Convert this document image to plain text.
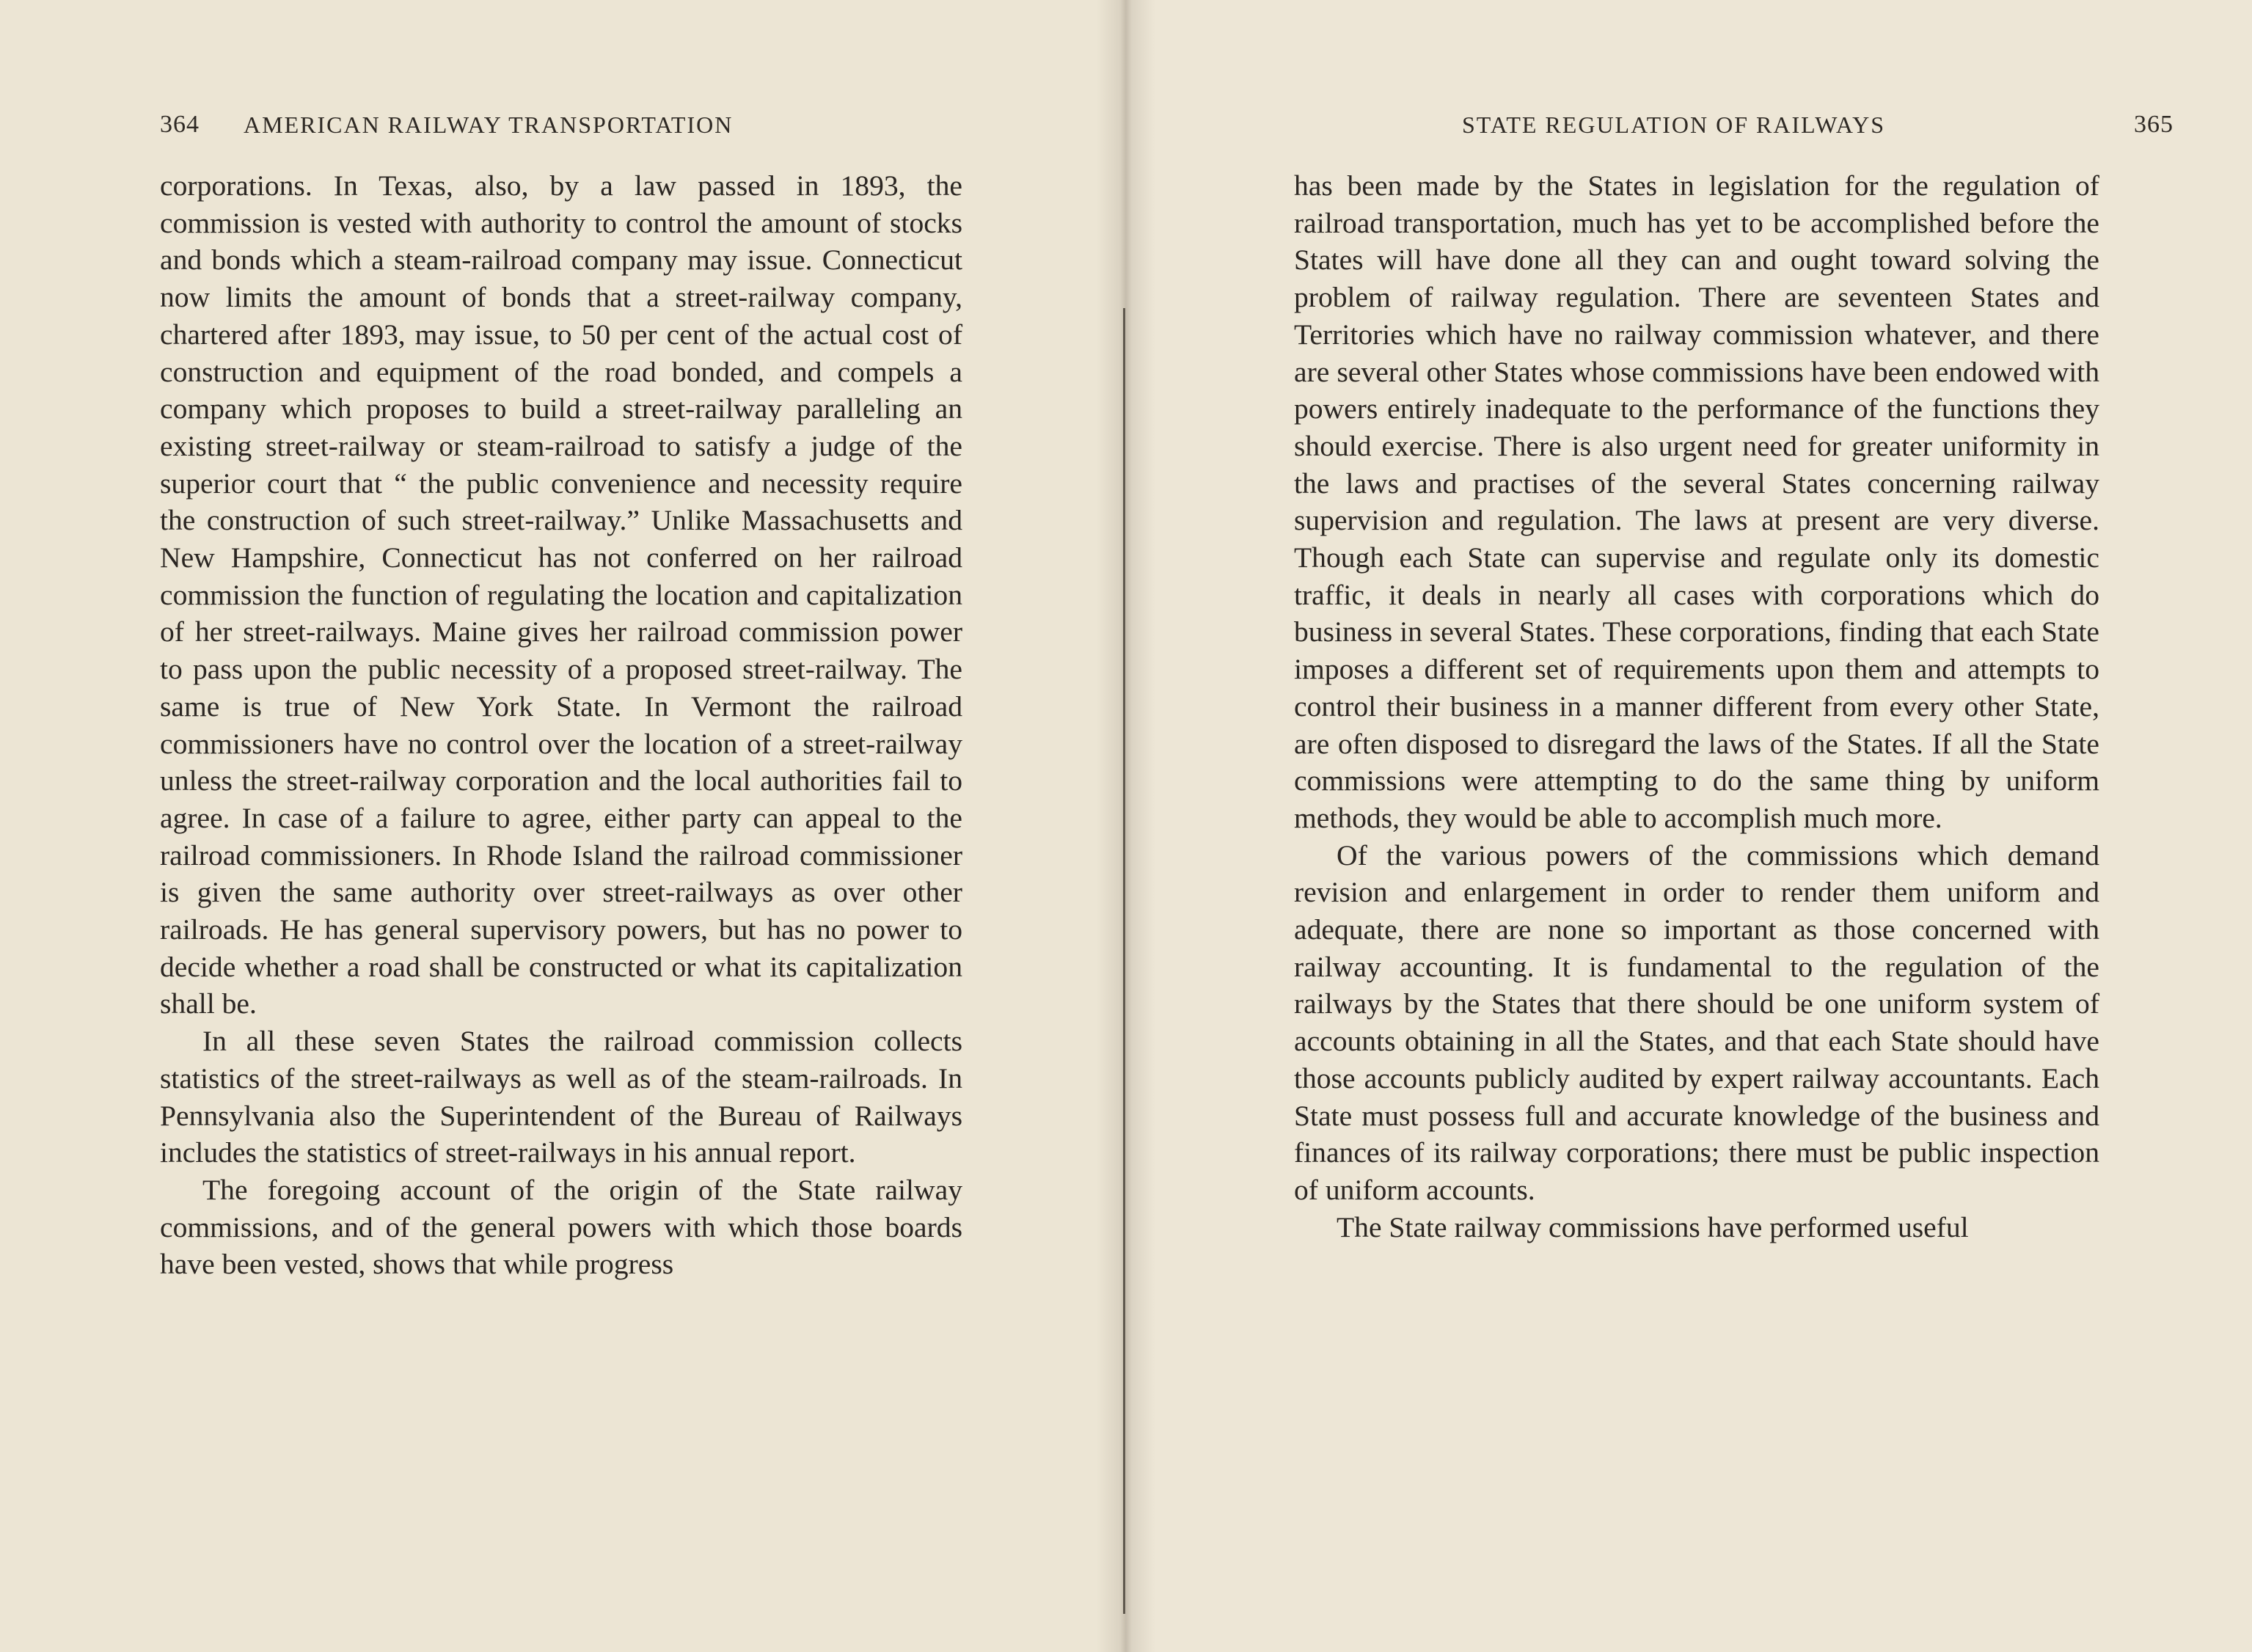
364 AMERICAN RAILWAY TRANSPORTATION

corporations. In Texas, also, by a law passed in 1893, the commission is vested with authority to control the amount of stocks and bonds which a steam-railroad company may issue. Connecticut now limits the amount of bonds that a street-railway company, chartered after 1893, may issue, to 50 per cent of the actual cost of construction and equipment of the road bonded, and compels a company which proposes to build a street-railway paralleling an existing street-railway or steam-railroad to satisfy a judge of the superior court that “ the public convenience and necessity require the construction of such street-railway.” Unlike Massachusetts and New Hampshire, Connecticut has not conferred on her railroad commission the function of regulating the location and capitalization of her street-railways. Maine gives her railroad commission power to pass upon the public necessity of a proposed street-railway. The same is true of New York State. In Vermont the railroad commissioners have no control over the location of a street-railway unless the street-railway corporation and the local authorities fail to agree. In case of a failure to agree, either party can appeal to the railroad commissioners. In Rhode Island the railroad commissioner is given the same authority over street-railways as over other railroads. He has general supervisory powers, but has no power to decide whether a road shall be constructed or what its capitalization shall be.

In all these seven States the railroad commission collects statistics of the street-railways as well as of the steam-railroads. In Pennsylvania also the Superintendent of the Bureau of Railways includes the statistics of street-railways in his annual report.

The foregoing account of the origin of the State railway commissions, and of the general powers with which those boards have been vested, shows that while progress

STATE REGULATION OF RAILWAYS	365

has been made by the States in legislation for the regulation of railroad transportation, much has yet to be accomplished before the States will have done all they can and ought toward solving the problem of railway regulation. There are seventeen States and Territories which have no railway commission whatever, and there are several other States whose commissions have been endowed with powers entirely inadequate to the performance of the functions they should exercise. There is also urgent need for greater uniformity in the laws and practises of the several States concerning railway supervision and regulation. The laws at present are very diverse. Though each State can supervise and regulate only its domestic traffic, it deals in nearly all cases with corporations which do business in several States. These corporations, finding that each State imposes a different set of requirements upon them and attempts to control their business in a manner different from every other State, are often disposed to disregard the laws of the States. If all the State commissions were attempting to do the same thing by uniform methods, they would be able to accomplish much more.

Of the various powers of the commissions which demand revision and enlargement in order to render them uniform and adequate, there are none so important as those concerned with railway accounting. It is fundamental to the regulation of the railways by the States that there should be one uniform system of accounts obtaining in all the States, and that each State should have those accounts publicly audited by expert railway accountants. Each State must possess full and accurate knowledge of the business and finances of its railway corporations; there must be public inspection of uniform accounts.

The State railway commissions have performed useful
